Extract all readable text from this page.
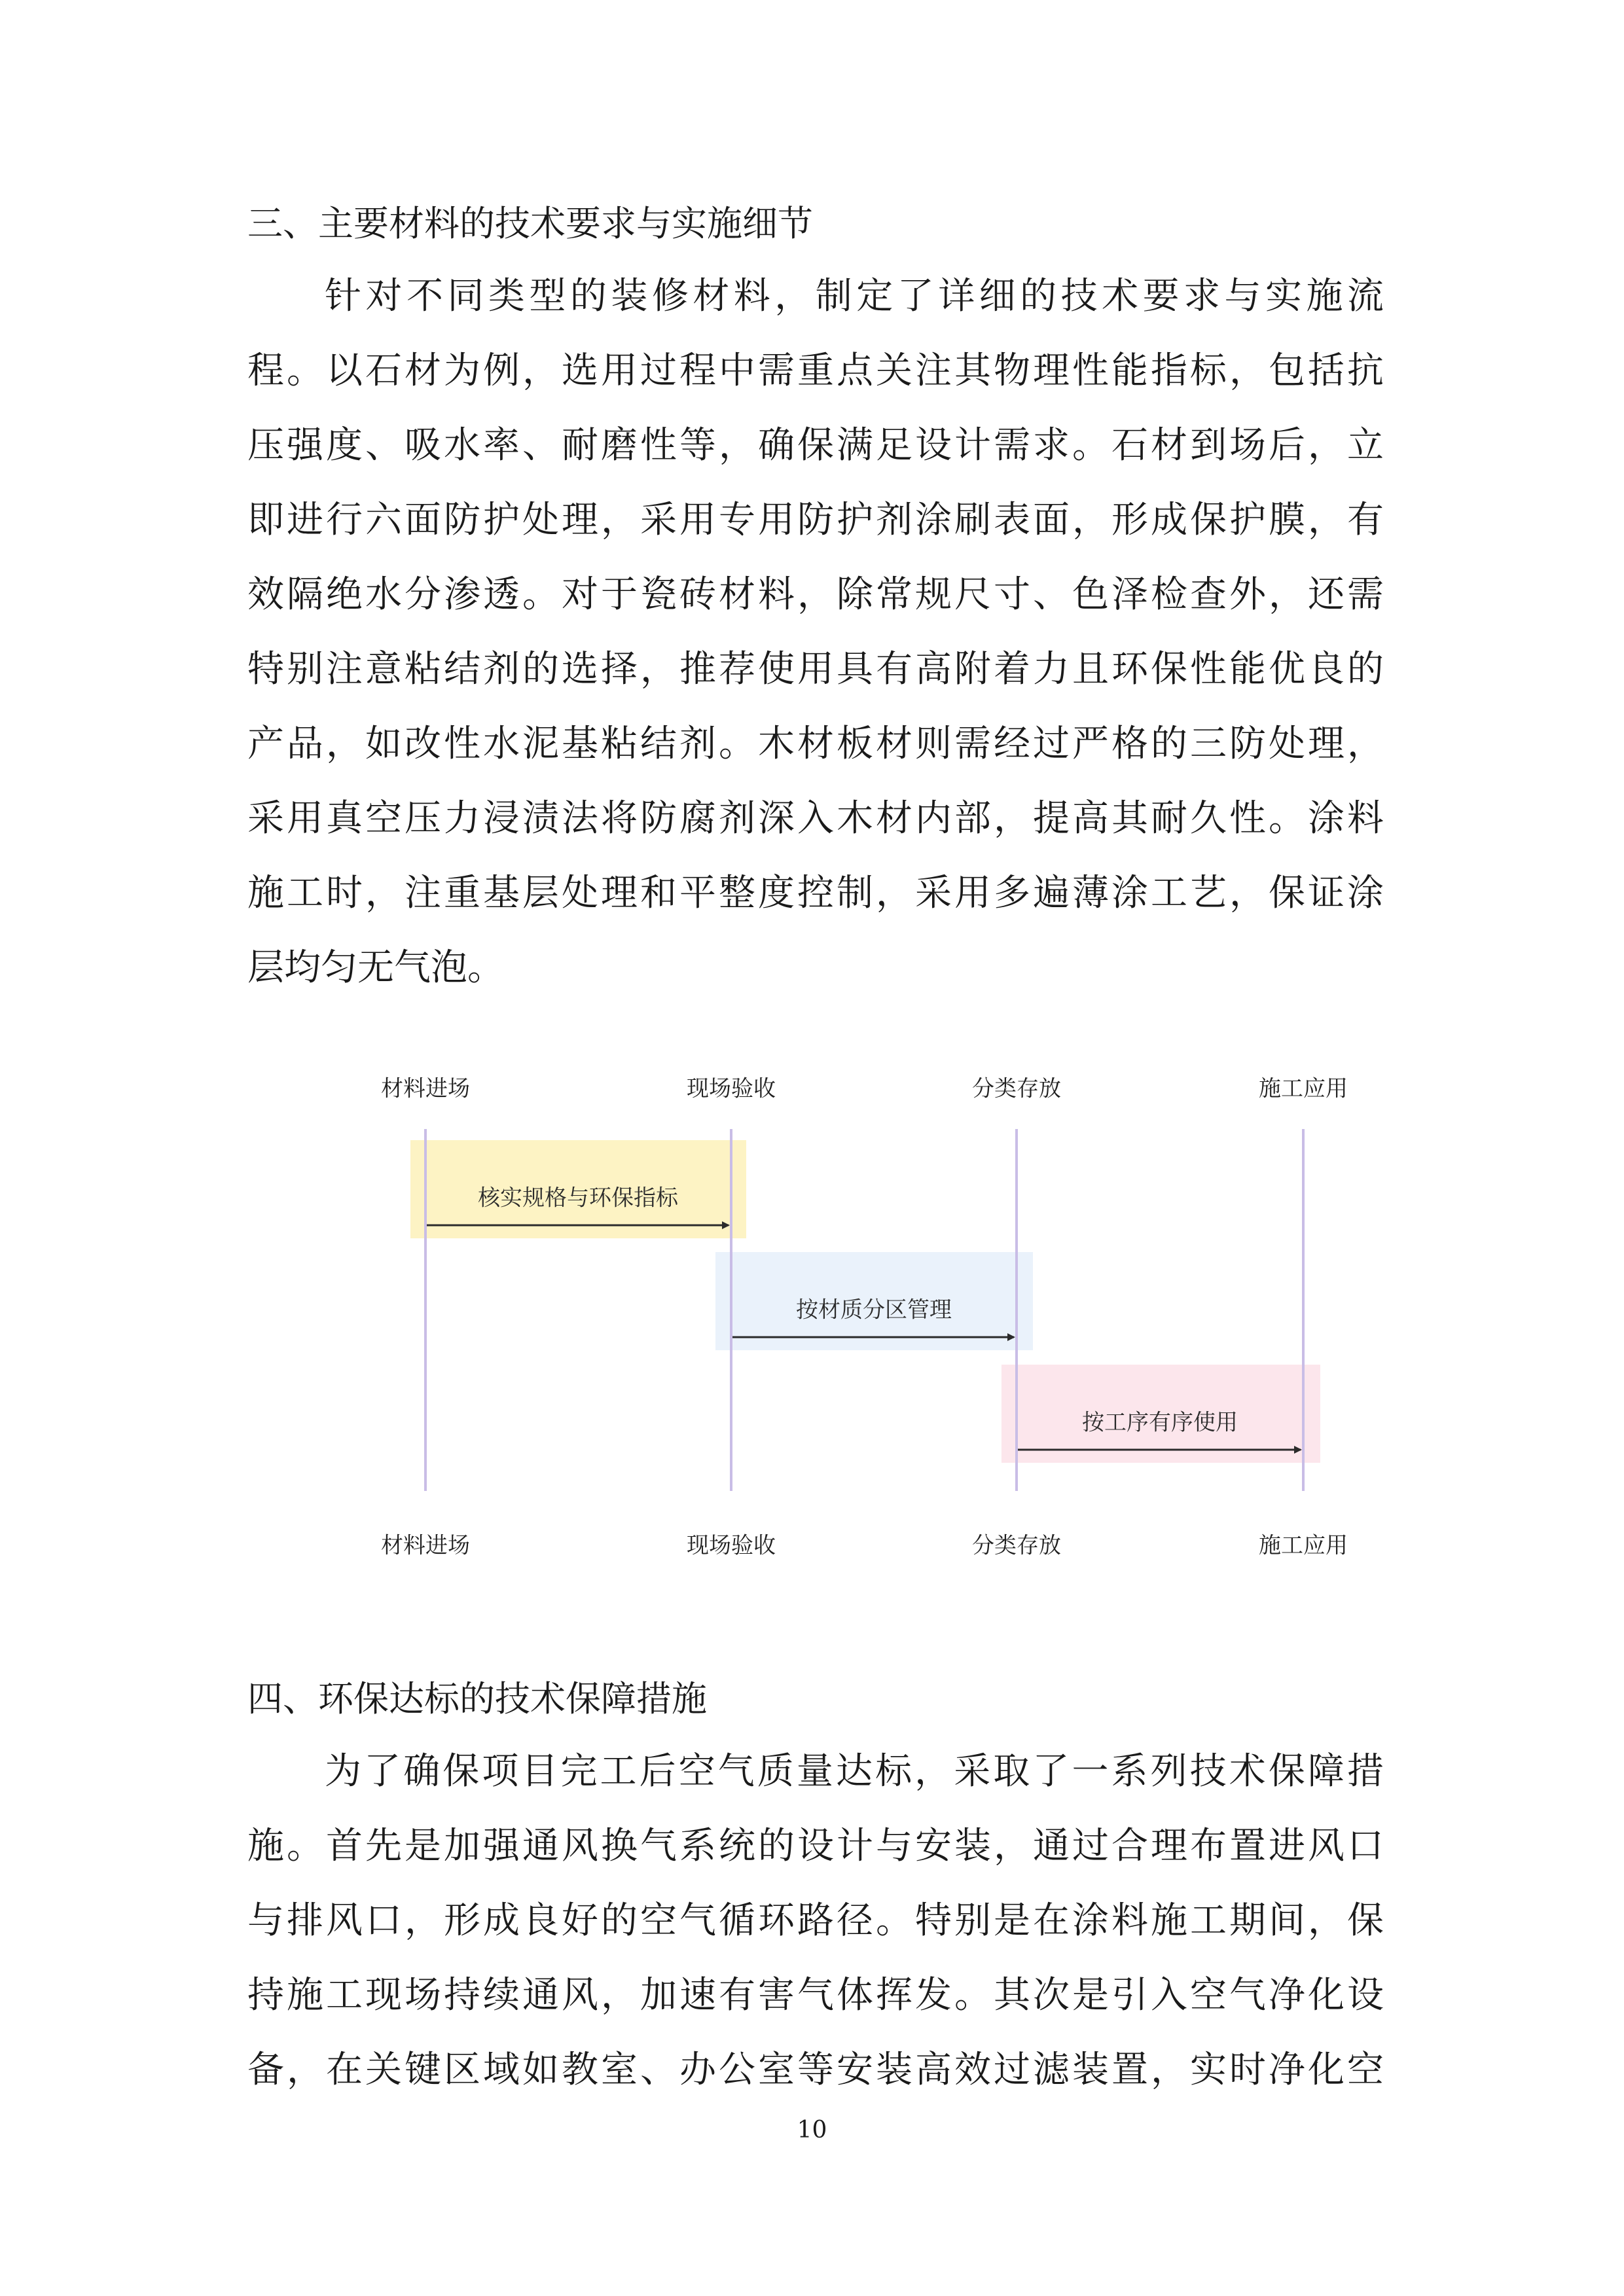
三、主要材料的技术要求与实施细节
针对不同类型的装修材料，制定了详细的技术要求与实施流
程。以石材为例，选用过程中需重点关注其物理性能指标，包括抗
压强度、吸水率、耐磨性等，确保满足设计需求。石材到场后，立
即进行六面防护处理，采用专用防护剂涂刷表面，形成保护膜，有
效隔绝水分渗透。对于瓷砖材料，除常规尺寸、色泽检查外，还需
特别注意粘结剂的选择，推荐使用具有高附着力且环保性能优良的
产品，如改性水泥基粘结剂。木材板材则需经过严格的三防处理，
采用真空压力浸渍法将防腐剂深入木材内部，提高其耐久性。涂料
施工时，注重基层处理和平整度控制，采用多遍薄涂工艺，保证涂
层均匀无气泡。
材料进场	现场验收	分类存放	施工应用
核实规格与环保指标
按材质分区管理
按工序有序使用
材料进场	现场验收	分类存放	施工应用
四、环保达标的技术保障措施
为了确保项目完工后空气质量达标，采取了一系列技术保障措
施。首先是加强通风换气系统的设计与安装，通过合理布置进风口
与排风口，形成良好的空气循环路径。特别是在涂料施工期间，保
持施工现场持续通风，加速有害气体挥发。其次是引入空气净化设
备，在关键区域如教室、办公室等安装高效过滤装置，实时净化空
10
